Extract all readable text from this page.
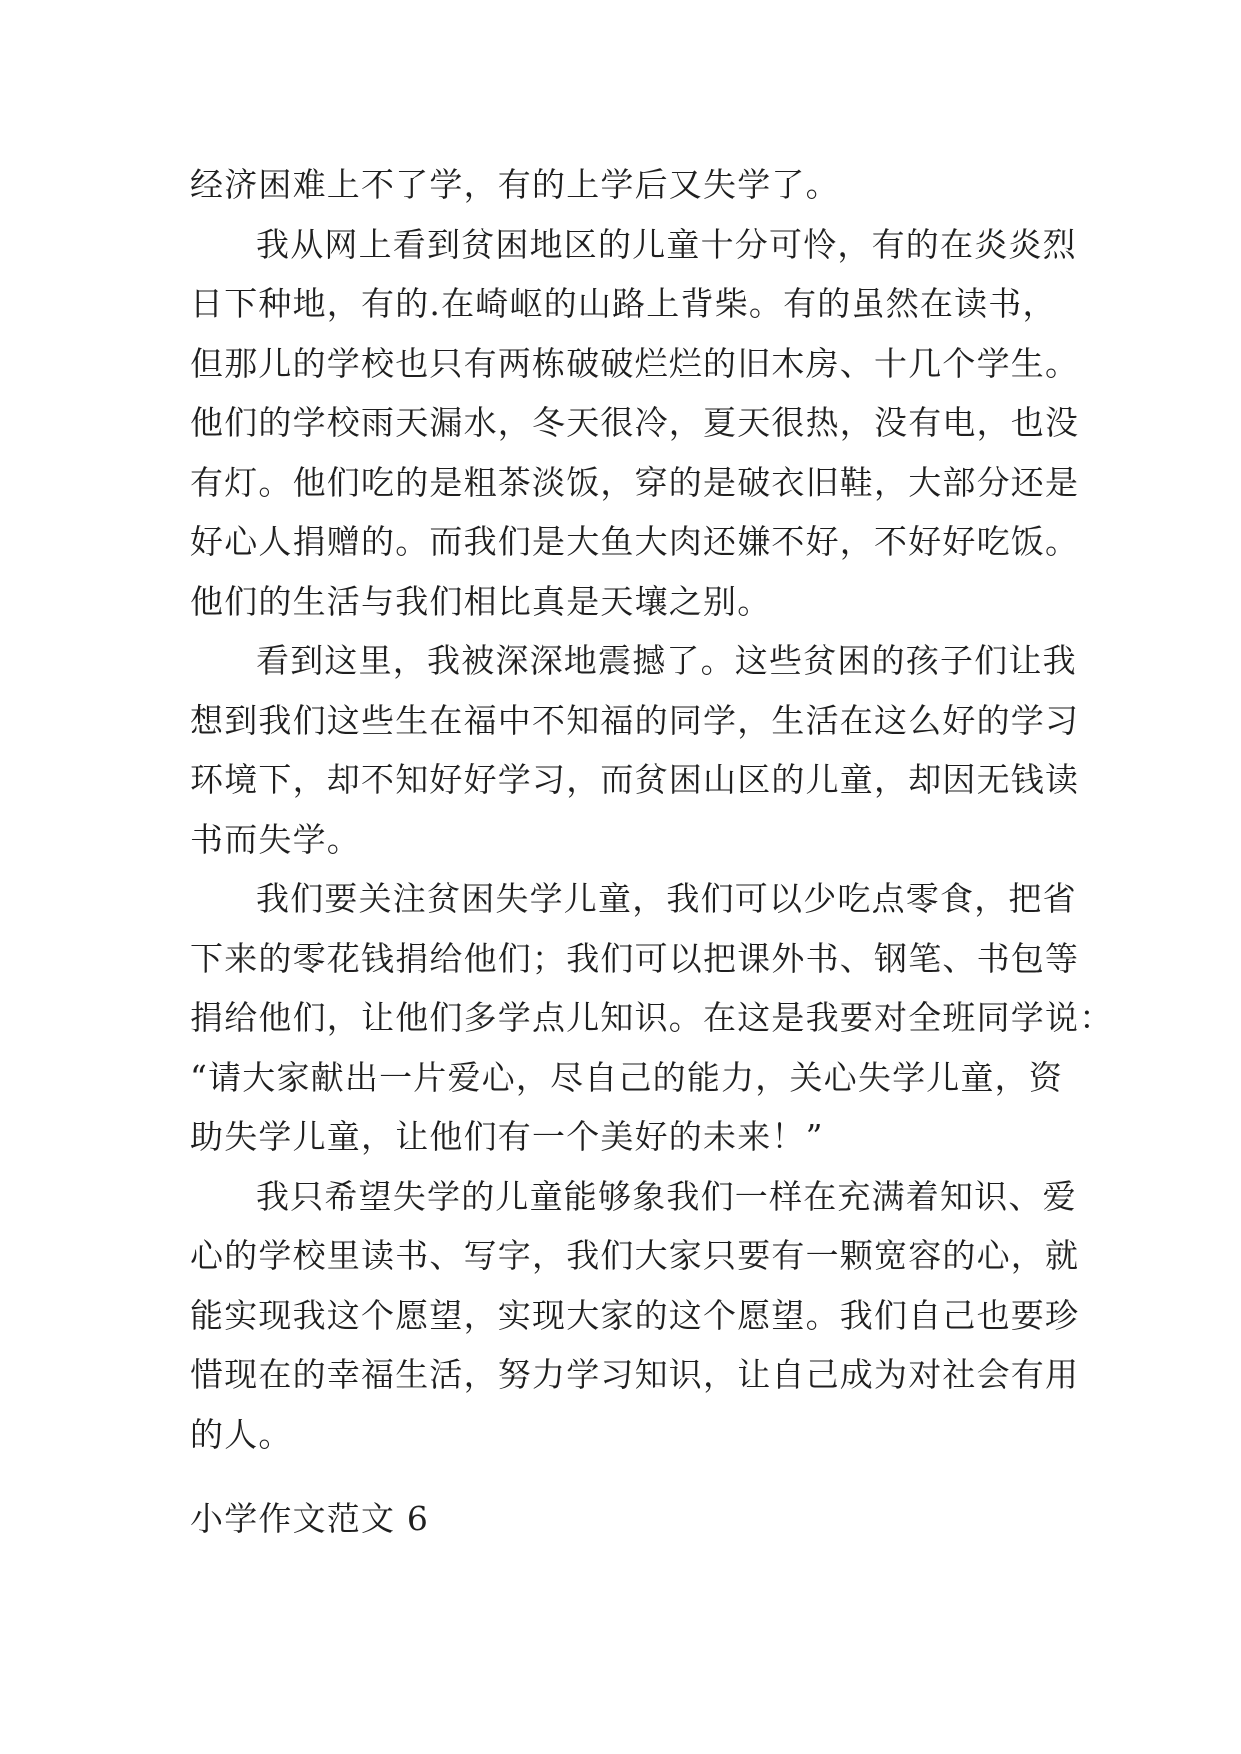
经济困难上不了学，有的上学后又失学了。
我从网上看到贫困地区的儿童十分可怜，有的在炎炎烈
日下种地，有的.在崎岖的山路上背柴。有的虽然在读书，
但那儿的学校也只有两栋破破烂烂的旧木房、十几个学生。
他们的学校雨天漏水，冬天很冷，夏天很热，没有电，也没
有灯。他们吃的是粗茶淡饭，穿的是破衣旧鞋，大部分还是
好心人捐赠的。而我们是大鱼大肉还嫌不好，不好好吃饭。
他们的生活与我们相比真是天壤之别。
看到这里，我被深深地震撼了。这些贫困的孩子们让我
想到我们这些生在福中不知福的同学，生活在这么好的学习
环境下，却不知好好学习，而贫困山区的儿童，却因无钱读
书而失学。
我们要关注贫困失学儿童，我们可以少吃点零食，把省
下来的零花钱捐给他们；我们可以把课外书、钢笔、书包等
捐给他们，让他们多学点儿知识。在这是我要对全班同学说：
“请大家献出一片爱心，尽自己的能力，关心失学儿童，资
助失学儿童，让他们有一个美好的未来！”
我只希望失学的儿童能够象我们一样在充满着知识、爱
心的学校里读书、写字，我们大家只要有一颗宽容的心，就
能实现我这个愿望，实现大家的这个愿望。我们自己也要珍
惜现在的幸福生活，努力学习知识，让自己成为对社会有用
的人。
小学作文范文 6
